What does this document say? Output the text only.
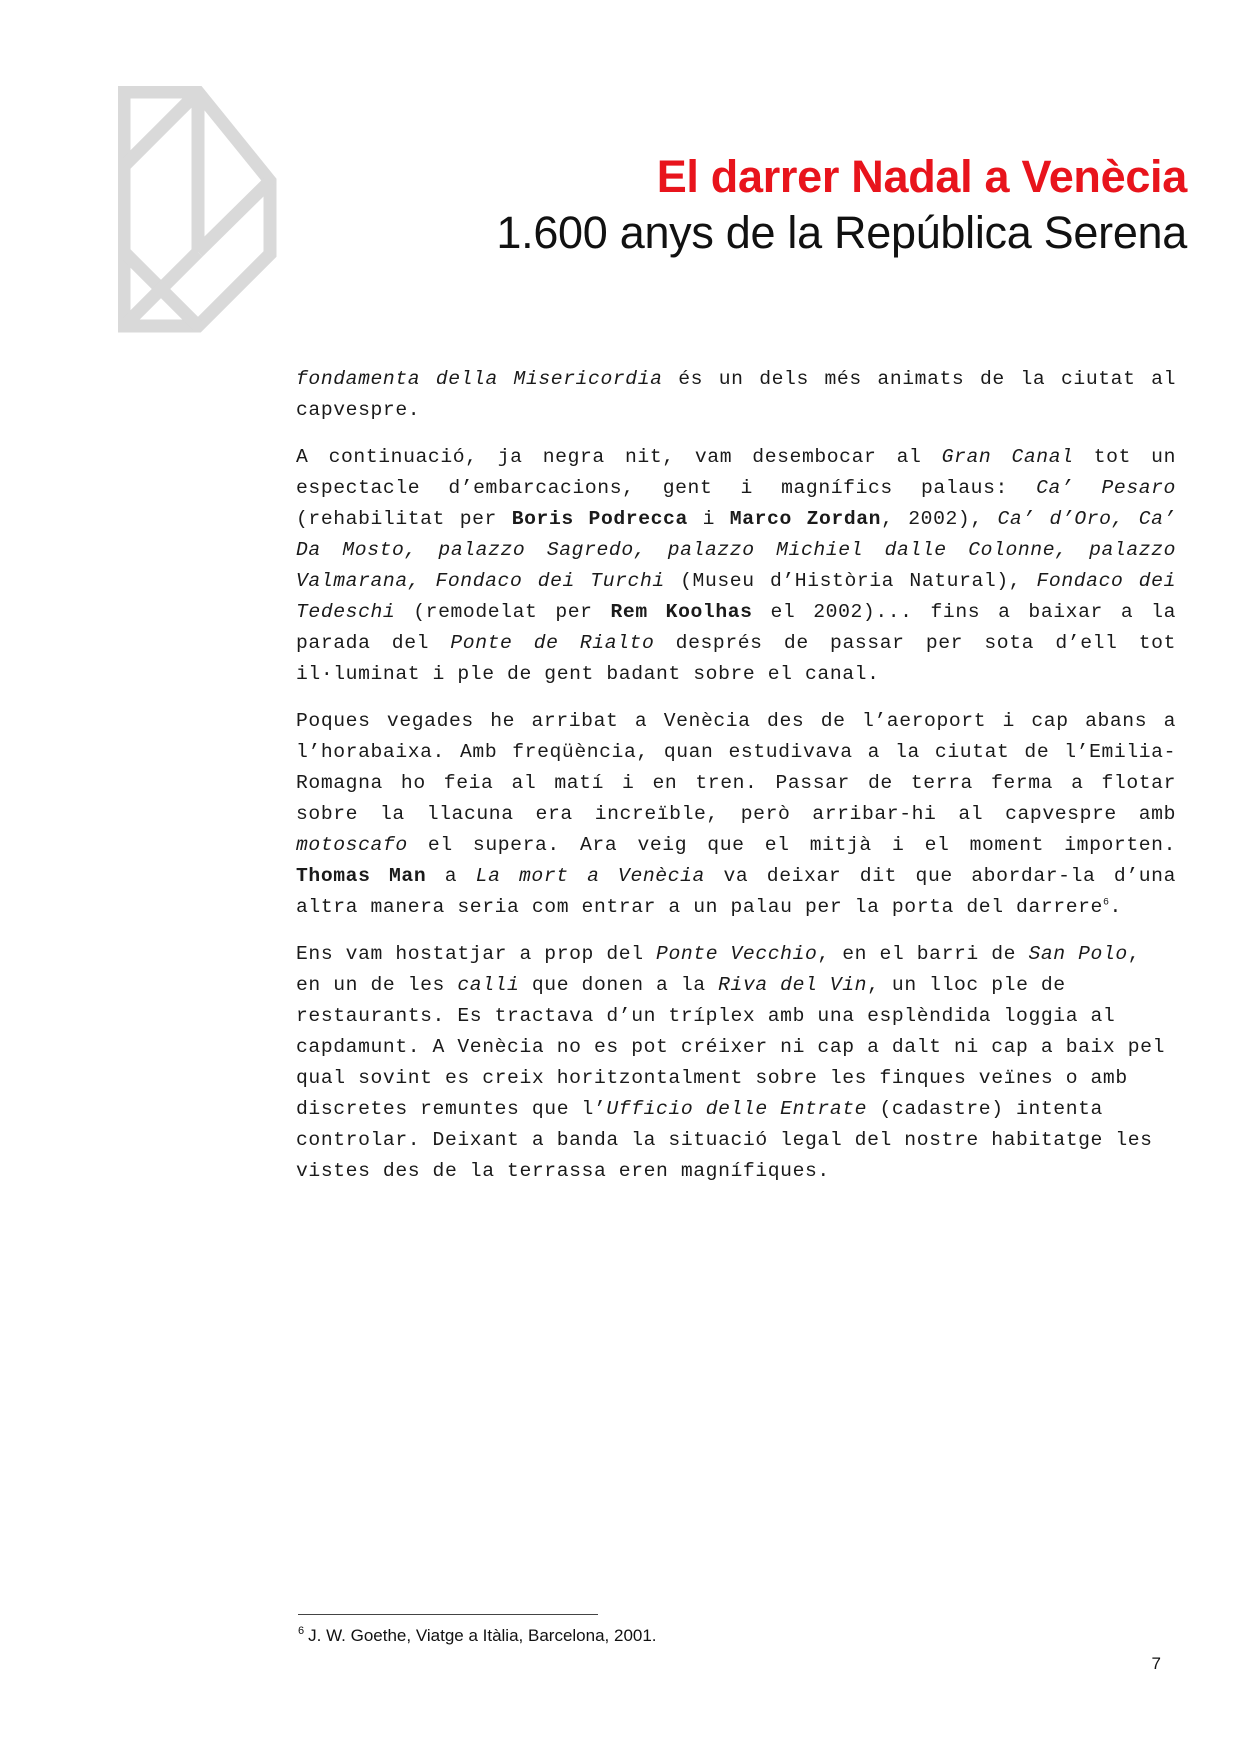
El darrer Nadal a Venècia
1.600 anys de la República Serena

fondamenta della Misericordia és un dels més animats de la ciutat al capvespre.

A continuació, ja negra nit, vam desembocar al Gran Canal tot un espectacle d’embarcacions, gent i magnífics palaus: Ca’ Pesaro (rehabilitat per Boris Podrecca i Marco Zordan, 2002), Ca’ d’Oro, Ca’ Da Mosto, palazzo Sagredo, palazzo Michiel dalle Colonne, palazzo Valmarana, Fondaco dei Turchi (Museu d’Història Natural), Fondaco dei Tedeschi (remodelat per Rem Koolhas el 2002)... fins a baixar a la parada del Ponte de Rialto després de passar per sota d’ell tot il·luminat i ple de gent badant sobre el canal.

Poques vegades he arribat a Venècia des de l’aeroport i cap abans a l’horabaixa. Amb freqüència, quan estudivava a la ciutat de l’Emilia-Romagna ho feia al matí i en tren. Passar de terra ferma a flotar sobre la llacuna era increïble, però arribar-hi al capvespre amb motoscafo el supera. Ara veig que el mitjà i el moment importen. Thomas Man a La mort a Venècia va deixar dit que abordar-la d’una altra manera seria com entrar a un palau per la porta del darrere$^6$.

Ens vam hostatjar a prop del Ponte Vecchio, en el barri de San Polo, en un de les calli que donen a la Riva del Vin, un lloc ple de restaurants. Es tractava d’un tríplex amb una esplèndida loggia al capdamunt. A Venècia no es pot créixer ni cap a dalt ni cap a baix pel qual sovint es creix horitzontalment sobre les finques veïnes o amb discretes remuntes que l’Ufficio delle Entrate (cadastre) intenta controlar. Deixant a banda la situació legal del nostre habitatge les vistes des de la terrassa eren magnífiques.

$^6$ J. W. Goethe, Viatge a Itàlia, Barcelona, 2001.
7
